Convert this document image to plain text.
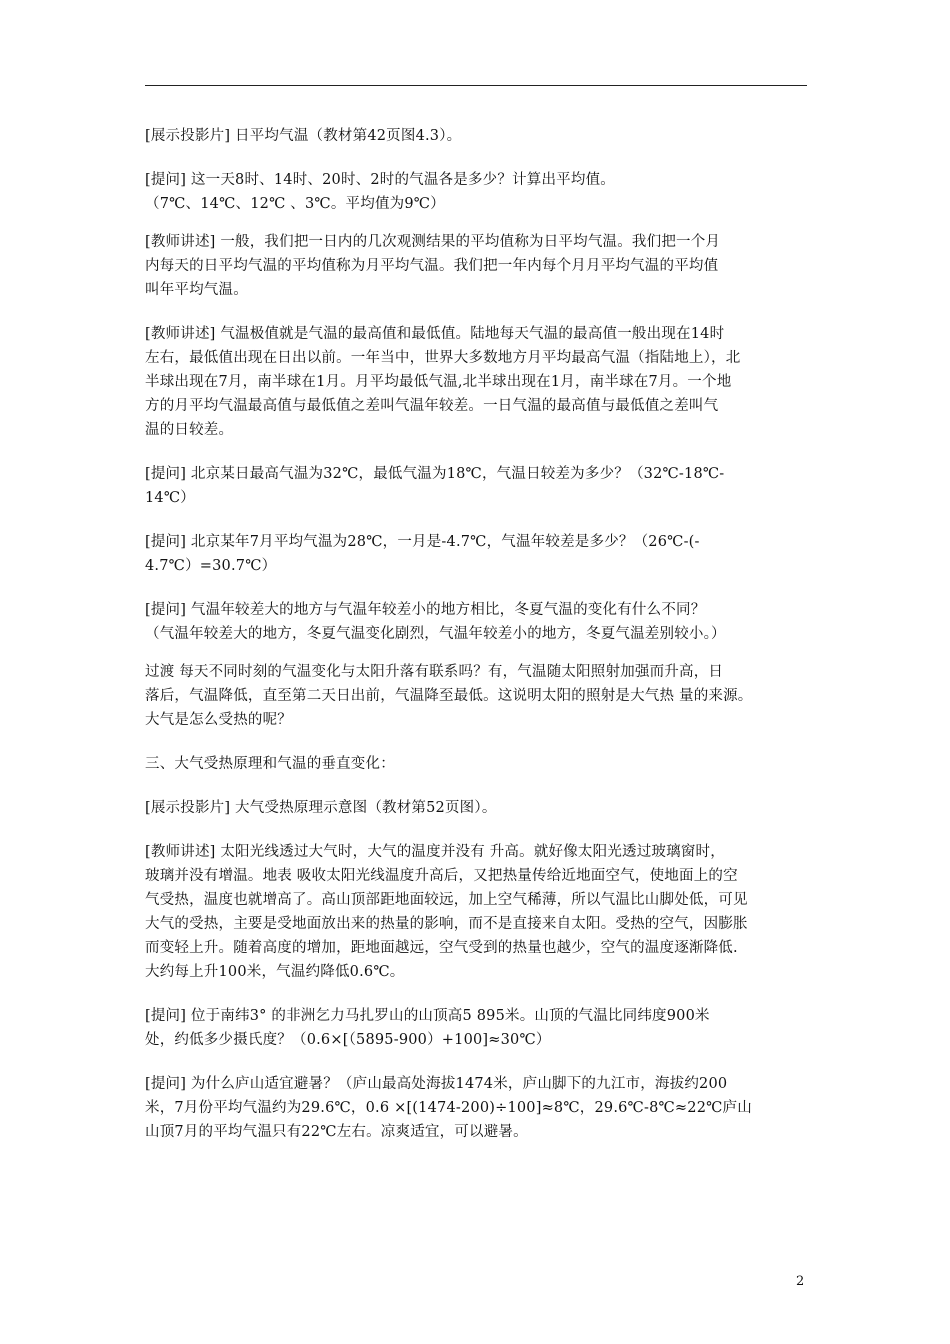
[展示投影片] 日平均气温（教材第42页图4.3）。
[提问] 这一天8时、14时、20时、2时的气温各是多少？计算出平均值。
（7℃、14℃、12℃ 、3℃。平均值为9℃）
[教师讲述] 一般，我们把一日内的几次观测结果的平均值称为日平均气温。我们把一个月
内每天的日平均气温的平均值称为月平均气温。我们把一年内每个月月平均气温的平均值
叫年平均气温。
[教师讲述] 气温极值就是气温的最高值和最低值。陆地每天气温的最高值一般出现在14时
左右，最低值出现在日出以前。一年当中，世界大多数地方月平均最高气温（指陆地上），北
半球出现在7月，南半球在1月。月平均最低气温,北半球出现在1月，南半球在7月。一个地
方的月平均气温最高值与最低值之差叫气温年较差。一日气温的最高值与最低值之差叫气
温的日较差。
[提问] 北京某日最高气温为32℃，最低气温为18℃，气温日较差为多少？（32℃-18℃-
14℃）
[提问] 北京某年7月平均气温为28℃，一月是-4.7℃，气温年较差是多少？（26℃-(-
4.7℃）=30.7℃）
[提问] 气温年较差大的地方与气温年较差小的地方相比，冬夏气温的变化有什么不同？
（气温年较差大的地方，冬夏气温变化剧烈，气温年较差小的地方，冬夏气温差别较小。）
过渡 每天不同时刻的气温变化与太阳升落有联系吗？有，气温随太阳照射加强而升高，日
落后，气温降低，直至第二天日出前，气温降至最低。这说明太阳的照射是大气热 量的来源。
大气是怎么受热的呢？
三、大气受热原理和气温的垂直变化：
[展示投影片] 大气受热原理示意图（教材第52页图）。
[教师讲述] 太阳光线透过大气时，大气的温度并没有 升高。就好像太阳光透过玻璃窗时，
玻璃并没有增温。地表 吸收太阳光线温度升高后，又把热量传给近地面空气，使地面上的空
气受热，温度也就增高了。高山顶部距地面较远，加上空气稀薄，所以气温比山脚处低，可见
大气的受热，主要是受地面放出来的热量的影响，而不是直接来自太阳。受热的空气，因膨胀
而变轻上升。随着高度的增加，距地面越远，空气受到的热量也越少，空气的温度逐渐降低.
大约每上升100米，气温约降低0.6℃。
[提问] 位于南纬3° 的非洲乞力马扎罗山的山顶高5 895米。山顶的气温比同纬度900米
处，约低多少摄氏度？（0.6×[（5895-900）+100]≈30℃）
[提问] 为什么庐山适宜避暑？（庐山最高处海拔1474米，庐山脚下的九江市，海拔约200
米，7月份平均气温约为29.6℃，0.6 ×[(1474-200)÷100]≈8℃，29.6℃-8℃≈22℃庐山
山顶7月的平均气温只有22℃左右。凉爽适宜，可以避暑。
2
